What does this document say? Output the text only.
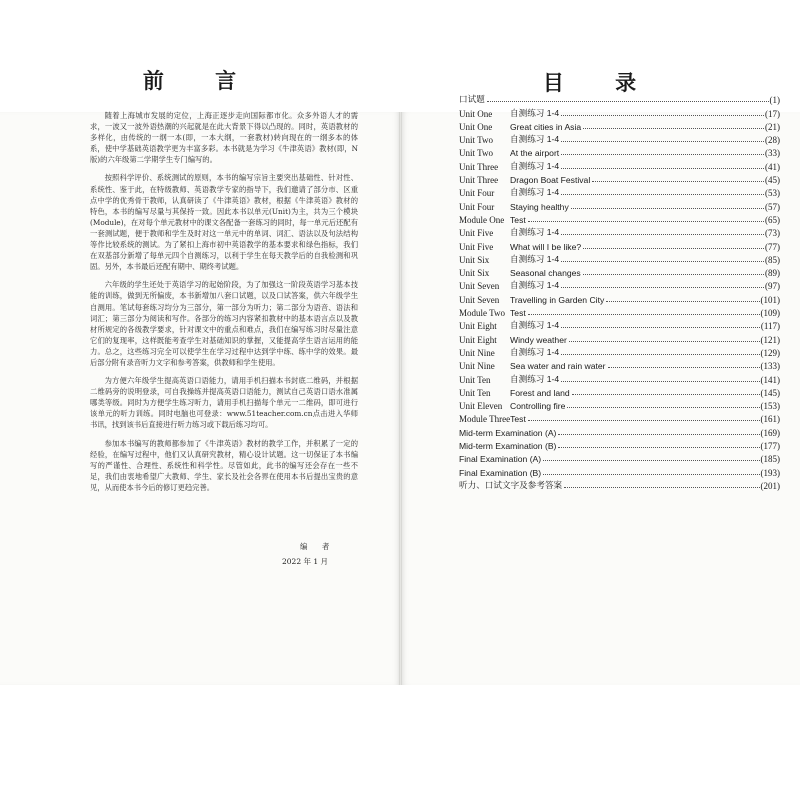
前 言

随着上海城市发展的定位，上海正逐步走向国际都市化。众多外语人才的需求，一波又一波外语热潮的兴起就是在此大背景下得以凸现的。同时，英语教材的多样化，由传统的一纲一本(即，一本大纲，一套教材)转向现在的一纲多本的体系，使中学基础英语教学更为丰富多彩。本书就是为学习《牛津英语》教材(即，N版)的六年级第二学期学生专门编写的。

按照科学评价、系统测试的原则，本书的编写宗旨主要突出基础性、针对性、系统性、鉴于此，在特级教师、英语教学专家的指导下，我们邀请了部分市、区重点中学的优秀骨干教师，认真研读了《牛津英语》教材，根据《牛津英语》教材的特色，本书的编写尽量与其保持一致。因此本书以单元(Unit)为主，共为三个模块(Module)，在对每个单元教材中的课文各配备一套练习的同时，每一单元后还配有一套测试题，便于教师和学生及时对这一单元中的单词、词汇、语法以及句法结构等作比较系统的测试。为了紧扣上海市初中英语教学的基本要求和绿色指标，我们在双基部分新增了每单元四个自测练习，以利于学生在每天教学后的自我检测和巩固。另外，本书最后还配有期中、期终考试题。

六年级的学生还处于英语学习的起始阶段，为了加强这一阶段英语学习基本技能的训练，做到无所偏废，本书新增加八套口试题，以及口试答案，供六年级学生自测用。笔试每套练习均分为三部分，第一部分为听力；第二部分为语音、语法和词汇；第三部分为阅读和写作。各部分的练习内容紧扣教材中的基本语言点以及教材所规定的各级教学要求，针对课文中的重点和难点，我们在编写练习时尽量注意它们的复现率，这样既能考查学生对基础知识的掌握，又能提高学生语言运用的能力。总之，这些练习完全可以使学生在学习过程中达到学中练、练中学的效果。最后部分附有录音听力文字和参考答案，供教师和学生使用。

为方便六年级学生提高英语口语能力，请用手机扫描本书封底二维码，并根据二维码旁的说明登录，可自我操练并提高英语口语能力，测试自己英语口语水准属哪类等级。同时为方便学生练习听力，请用手机扫描每个单元一二维码，即可进行该单元的听力训练。同时电脑也可登录：www.51teacher.com.cn点击进入华师书讯，找到该书后直接进行听力练习或下载后练习均可。

参加本书编写的教师都参加了《牛津英语》教材的教学工作，并积累了一定的经验，在编写过程中，他们又认真研究教材，精心设计试题。这一切保证了本书编写的严谨性、合理性、系统性和科学性。尽管如此，此书的编写还会存在一些不足，我们由衷地希望广大教师、学生、家长及社会各界在使用本书后提出宝贵的意见，从而使本书今后的修订更趋完善。

编 者
2022 年 1 月
目 录
口试题	(1)
Unit One	自测练习 1-4	(17)
Unit One	Great cities in Asia	(21)
Unit Two	自测练习 1-4	(28)
Unit Two	At the airport	(33)
Unit Three	自测练习 1-4	(41)
Unit Three	Dragon Boat Festival	(45)
Unit Four	自测练习 1-4	(53)
Unit Four	Staying healthy	(57)
Module One Test	(65)
Unit Five	自测练习 1-4	(73)
Unit Five	What will I be like?	(77)
Unit Six	自测练习 1-4	(85)
Unit Six	Seasonal changes	(89)
Unit Seven	自测练习 1-4	(97)
Unit Seven	Travelling in Garden City	(101)
Module Two Test	(109)
Unit Eight	自测练习 1-4	(117)
Unit Eight	Windy weather	(121)
Unit Nine	自测练习 1-4	(129)
Unit Nine	Sea water and rain water	(133)
Unit Ten	自测练习 1-4	(141)
Unit Ten	Forest and land	(145)
Unit Eleven Controlling fire	(153)
Module Three Test	(161)
Mid-term Examination (A)	(169)
Mid-term Examination (B)	(177)
Final Examination (A)	(185)
Final Examination (B)	(193)
听力、口试文字及参考答案	(201)
